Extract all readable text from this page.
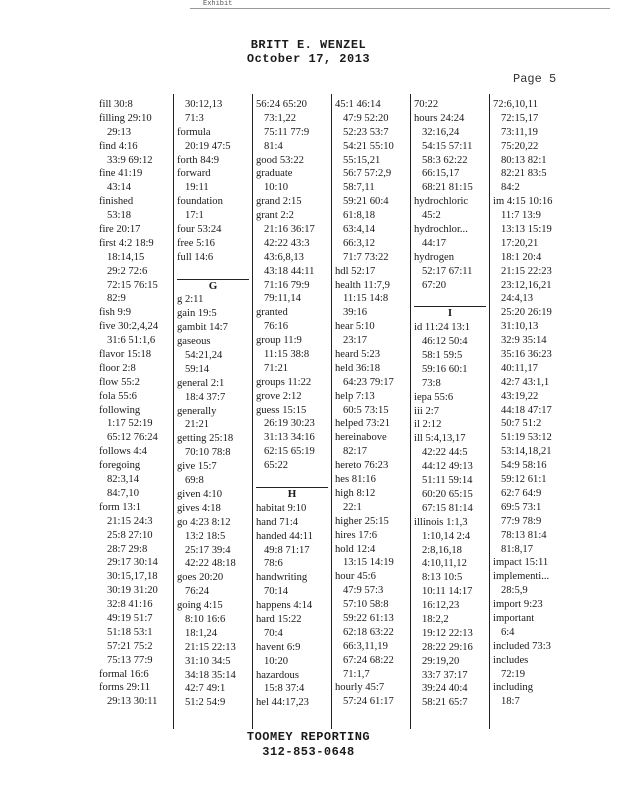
Exhibit
BRITT E. WENZEL
October 17, 2013
Page 5
fill 30:8
filling 29:10
29:13
find 4:16
33:9 69:12
fine 41:19
43:14
finished
53:18
fire 20:17
first 4:2 18:9
18:14,15
29:2 72:6
72:15 76:15
82:9
fish 9:9
five 30:2,4,24
31:6 51:1,6
flavor 15:18
floor 2:8
flow 55:2
fola 55:6
following
1:17 52:19
65:12 76:24
follows 4:4
foregoing
82:3,14
84:7,10
form 13:1
21:15 24:3
25:8 27:10
28:7 29:8
29:17 30:14
30:15,17,18
30:19 31:20
32:8 41:16
49:19 51:7
51:18 53:1
57:21 75:2
75:13 77:9
formal 16:6
forms 29:11
29:13 30:11
30:12,13
71:3
formula
20:19 47:5
forth 84:9
forward
19:11
foundation
17:1
four 53:24
free 5:16
full 14:6

G
g 2:11
gain 19:5
gambit 14:7
gaseous
54:21,24
59:14
general 2:1
18:4 37:7
generally
21:21
getting 25:18
70:10 78:8
give 15:7
69:8
given 4:10
gives 4:18
go 4:23 8:12
13:2 18:5
25:17 39:4
42:22 48:18
goes 20:20
76:24
going 4:15
8:10 16:6
18:1,24
21:15 22:13
31:10 34:5
34:18 35:14
42:7 49:1
51:2 54:9
56:24 65:20
73:1,22
75:11 77:9
81:4
good 53:22
graduate
10:10
grand 2:15
grant 2:2
21:16 36:17
42:22 43:3
43:6,8,13
43:18 44:11
71:16 79:9
79:11,14
granted
76:16
group 11:9
11:15 38:8
71:21
groups 11:22
grove 2:12
guess 15:15
26:19 30:23
31:13 34:16
62:15 65:19
65:22

H
habitat 9:10
hand 71:4
handed 44:11
49:8 71:17
78:6
handwriting
70:14
happens 4:14
hard 15:22
70:4
havent 6:9
10:20
hazardous
15:8 37:4
hel 44:17,23
45:1 46:14
47:9 52:20
52:23 53:7
54:21 55:10
55:15,21
56:7 57:2,9
58:7,11
59:21 60:4
61:8,18
63:4,14
66:3,12
71:7 73:22
hdl 52:17
health 11:7,9
11:15 14:8
39:16
hear 5:10
23:17
heard 5:23
held 36:18
64:23 79:17
help 7:13
60:5 73:15
helped 73:21
hereinabove
82:17
hereto 76:23
hes 81:16
high 8:12
22:1
higher 25:15
hires 17:6
hold 12:4
13:15 14:19
hour 45:6
47:9 57:3
57:10 58:8
59:22 61:13
62:18 63:22
66:3,11,19
67:24 68:22
71:1,7
hourly 45:7
57:24 61:17
70:22
hours 24:24
32:16,24
54:15 57:11
58:3 62:22
66:15,17
68:21 81:15
hydrochloric
45:2
hydrochlor...
44:17
hydrogen
52:17 67:11
67:20

I
id 11:24 13:1
46:12 50:4
58:1 59:5
59:16 60:1
73:8
iepa 55:6
iii 2:7
il 2:12
ill 5:4,13,17
42:22 44:5
44:12 49:13
51:11 59:14
60:20 65:15
67:15 81:14
illinois 1:1,3
1:10,14 2:4
2:8,16,18
4:10,11,12
8:13 10:5
10:11 14:17
16:12,23
18:2,2
19:12 22:13
28:22 29:16
29:19,20
33:7 37:17
39:24 40:4
58:21 65:7
72:6,10,11
72:15,17
73:11,19
75:20,22
80:13 82:1
82:21 83:5
84:2
im 4:15 10:16
11:7 13:9
13:13 15:19
17:20,21
18:1 20:4
21:15 22:23
23:12,16,21
24:4,13
25:20 26:19
31:10,13
32:9 35:14
35:16 36:23
40:11,17
42:7 43:1,1
43:19,22
44:18 47:17
50:7 51:2
51:19 53:12
53:14,18,21
54:9 58:16
59:12 61:1
62:7 64:9
69:5 73:1
77:9 78:9
78:13 81:4
81:8,17
impact 15:11
implementi...
28:5,9
import 9:23
important
6:4
included 73:3
includes
72:19
including
18:7
TOOMEY REPORTING
312-853-0648
